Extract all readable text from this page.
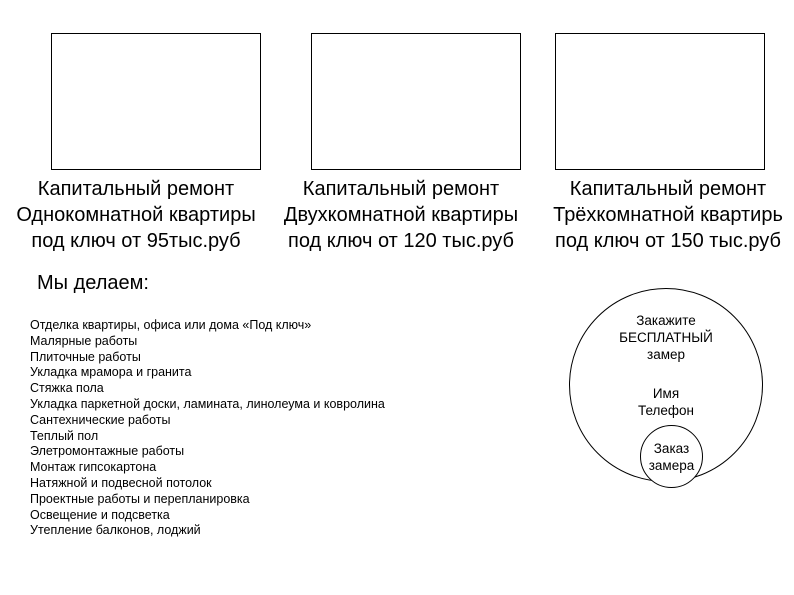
Капитальный ремонт
Однокомнатной квартиры
под ключ от 95тыс.руб
Капитальный ремонт
Двухкомнатной квартиры
под ключ от 120 тыс.руб
Капитальный ремонт
Трёхкомнатной квартирь
под ключ от 150 тыс.руб
Мы делаем:
Отделка квартиры, офиса или дома «Под ключ»
Малярные работы
Плиточные работы
Укладка мрамора и гранита
Стяжка пола
Укладка паркетной доски, ламината, линолеума и ковролина
Сантехнические работы
Теплый пол
Элетромонтажные работы
Монтаж гипсокартона
Натяжной и подвесной потолок
Проектные работы и перепланировка
Освещение и подсветка
Утепление балконов, лоджий
Закажите
БЕСПЛАТНЫЙ
замер
Имя
Телефон
Заказ
замера
